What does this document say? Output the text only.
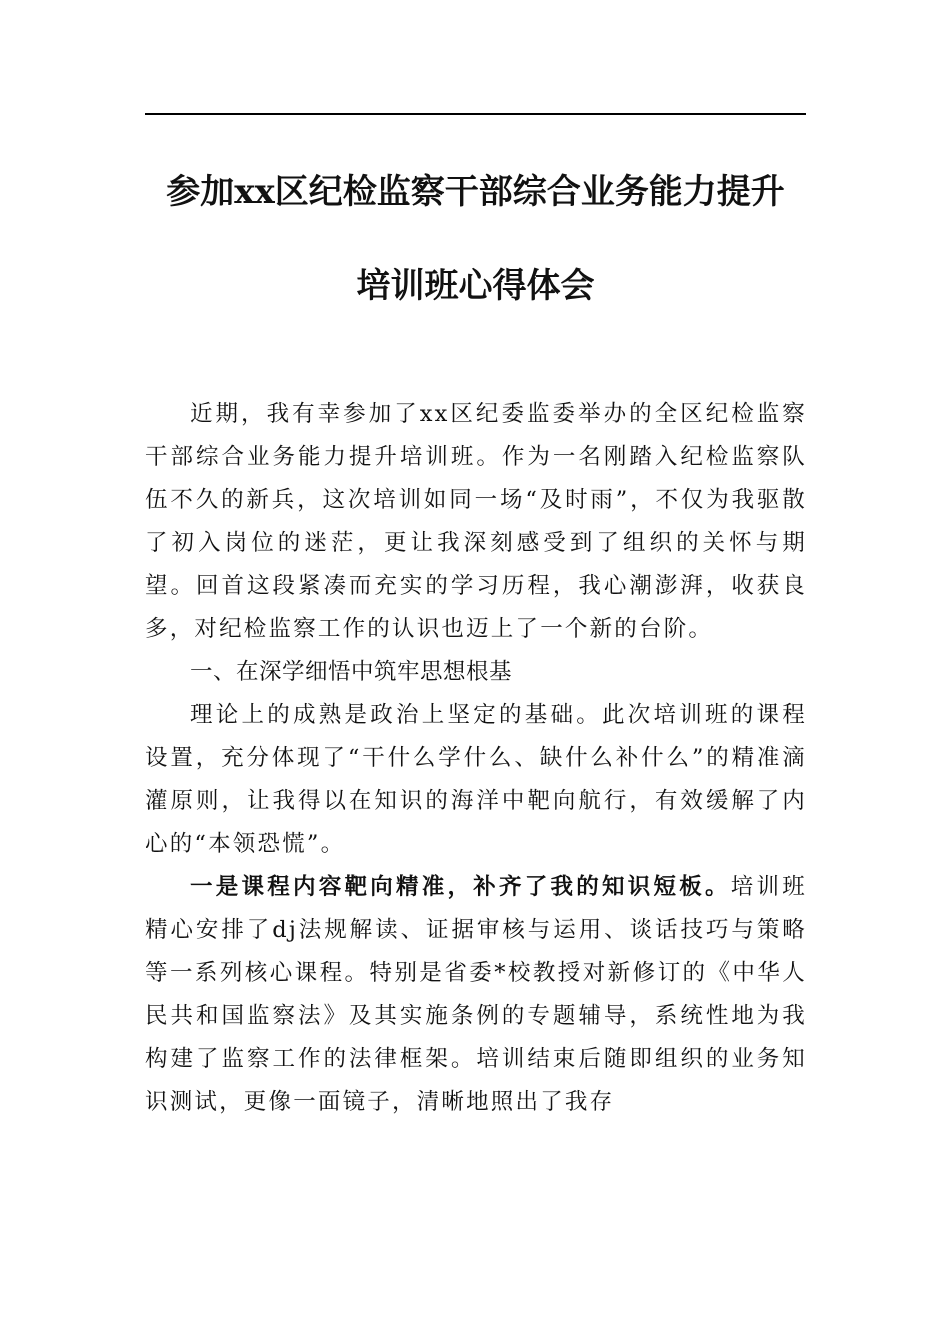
参加xx区纪检监察干部综合业务能力提升
培训班心得体会

近期，我有幸参加了xx区纪委监委举办的全区纪检监察干部综合业务能力提升培训班。作为一名刚踏入纪检监察队伍不久的新兵，这次培训如同一场“及时雨”，不仅为我驱散了初入岗位的迷茫，更让我深刻感受到了组织的关怀与期望。回首这段紧凑而充实的学习历程，我心潮澎湃，收获良多，对纪检监察工作的认识也迈上了一个新的台阶。

一、在深学细悟中筑牢思想根基

理论上的成熟是政治上坚定的基础。此次培训班的课程设置，充分体现了“干什么学什么、缺什么补什么”的精准滴灌原则，让我得以在知识的海洋中靶向航行，有效缓解了内心的“本领恐慌”。

一是课程内容靶向精准，补齐了我的知识短板。培训班精心安排了dj法规解读、证据审核与运用、谈话技巧与策略等一系列核心课程。特别是省委*校教授对新修订的《中华人民共和国监察法》及其实施条例的专题辅导，系统性地为我构建了监察工作的法律框架。培训结束后随即组织的业务知识测试，更像一面镜子，清晰地照出了我存
